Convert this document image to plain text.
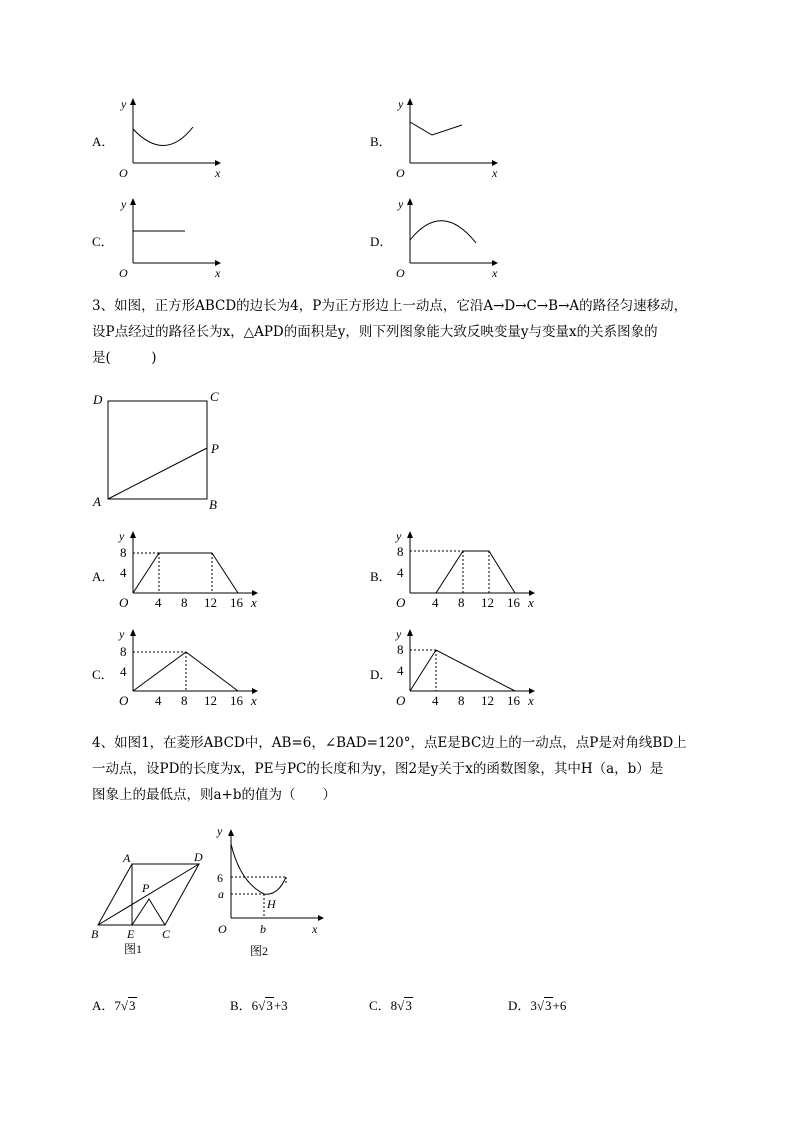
A．
y
x
O
B．
y
x
O
C．
y
x
O
D．
y
x
O
3、如图，正方形ABCD的边长为4，P为正方形边上一动点，它沿A→D→C→B→A的路径匀速移动，
设P点经过的路径长为x，△APD的面积是y，则下列图象能大致反映变量y与变量x的关系图象的
是(　　　)
D	C
P
A	B
A．
y
8
4
O 4 8 12 16 x
B．
y
8
4
O 4 8 12 16 x
C．
y
8
4
O 4 8 12 16 x
D．
y
8
4
O 4 8 12 16 x
4、如图1，在菱形ABCD中，AB=6，∠BAD=120°，点E是BC边上的一动点，点P是对角线BD上
一动点，设PD的长度为x，PE与PC的长度和为y，图2是y关于x的函数图象，其中H（a，b）是
图象上的最低点，则a+b的值为（　　）
A	D
P
B E C
图1
y
6
a
H
O	b	x
图2
A．7√3	B．6√3+3	C．8√3	D．3√3+6
